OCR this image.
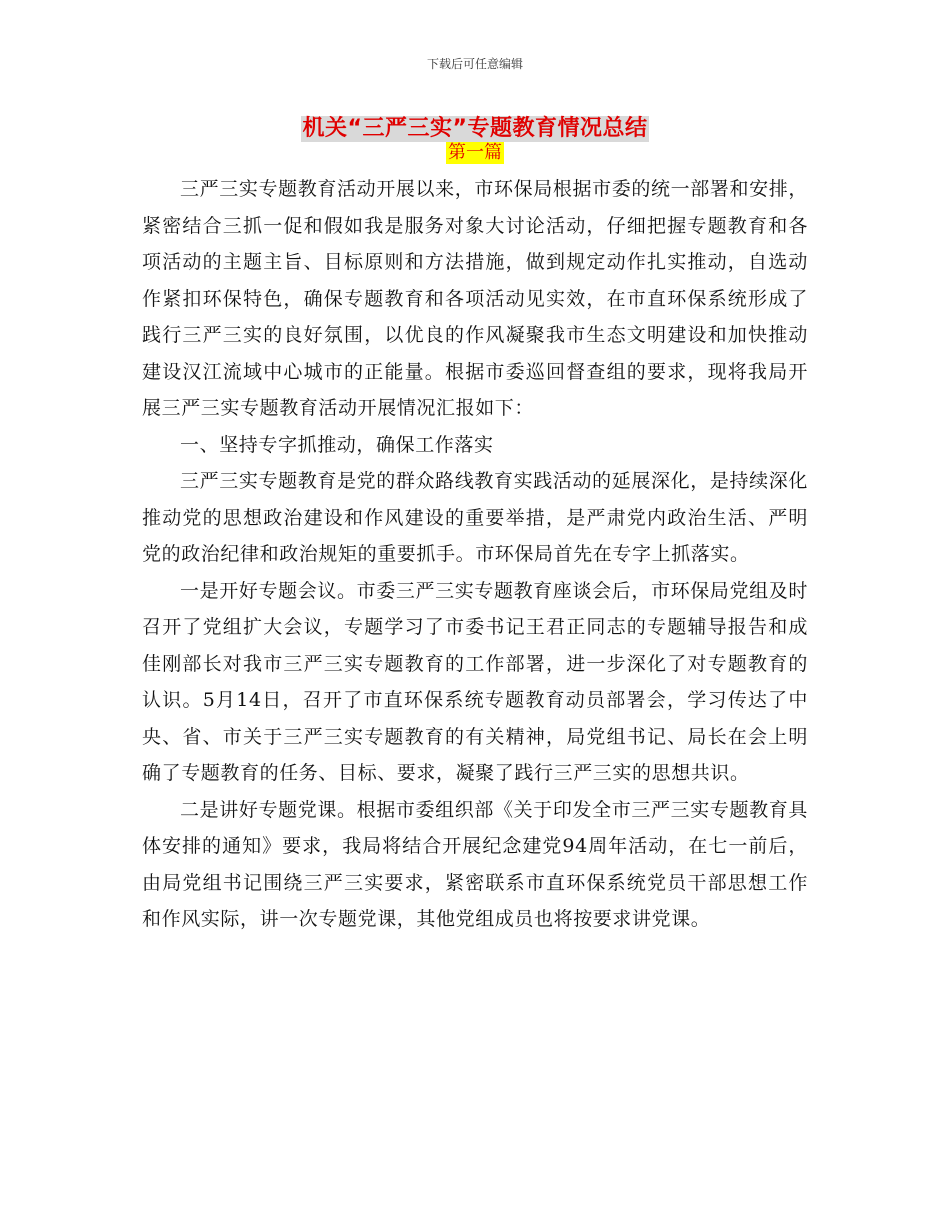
下载后可任意编辑
机关“三严三实”专题教育情况总结
第一篇

三严三实专题教育活动开展以来，市环保局根据市委的统一部署和安排，紧密结合三抓一促和假如我是服务对象大讨论活动，仔细把握专题教育和各项活动的主题主旨、目标原则和方法措施，做到规定动作扎实推动，自选动作紧扣环保特色，确保专题教育和各项活动见实效，在市直环保系统形成了践行三严三实的良好氛围，以优良的作风凝聚我市生态文明建设和加快推动建设汉江流域中心城市的正能量。根据市委巡回督查组的要求，现将我局开展三严三实专题教育活动开展情况汇报如下：

一、坚持专字抓推动，确保工作落实

三严三实专题教育是党的群众路线教育实践活动的延展深化，是持续深化推动党的思想政治建设和作风建设的重要举措，是严肃党内政治生活、严明党的政治纪律和政治规矩的重要抓手。市环保局首先在专字上抓落实。

一是开好专题会议。市委三严三实专题教育座谈会后，市环保局党组及时召开了党组扩大会议，专题学习了市委书记王君正同志的专题辅导报告和成佳刚部长对我市三严三实专题教育的工作部署，进一步深化了对专题教育的认识。5月14日，召开了市直环保系统专题教育动员部署会，学习传达了中央、省、市关于三严三实专题教育的有关精神，局党组书记、局长在会上明确了专题教育的任务、目标、要求，凝聚了践行三严三实的思想共识。

二是讲好专题党课。根据市委组织部《关于印发全市三严三实专题教育具体安排的通知》要求，我局将结合开展纪念建党94周年活动，在七一前后，由局党组书记围绕三严三实要求，紧密联系市直环保系统党员干部思想工作和作风实际，讲一次专题党课，其他党组成员也将按要求讲党课。
